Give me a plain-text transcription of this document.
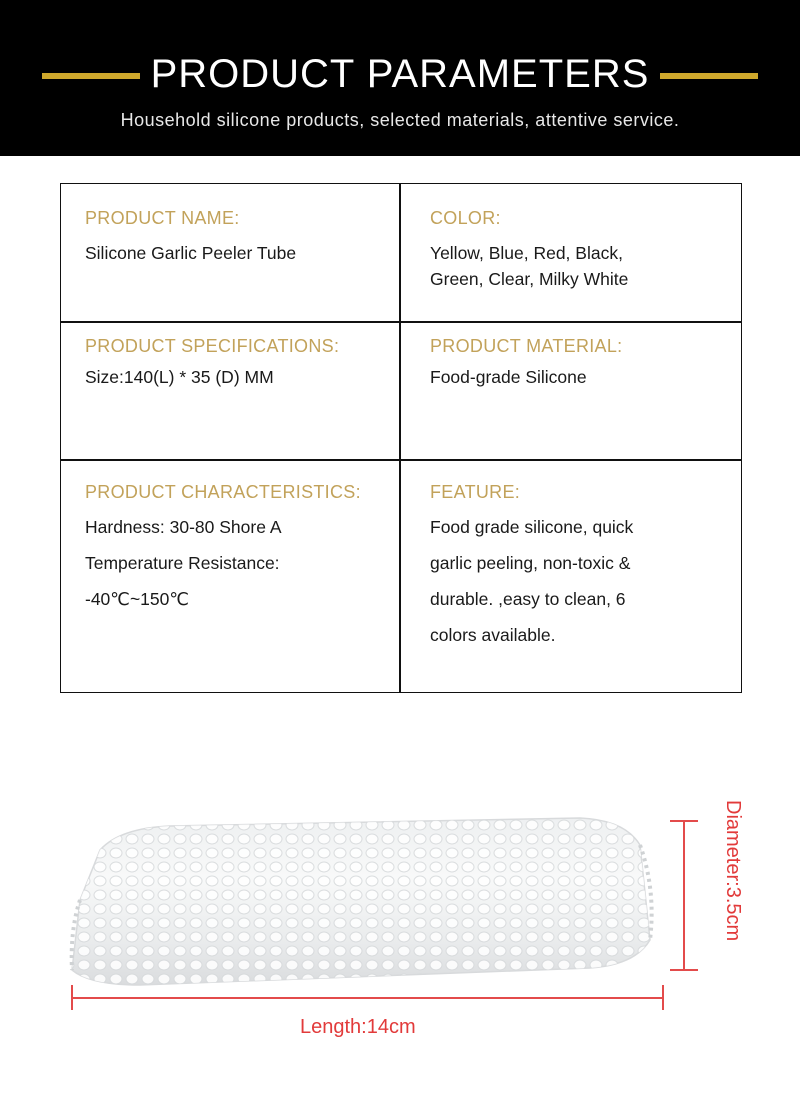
PRODUCT PARAMETERS
Household silicone products, selected materials, attentive service.
PRODUCT NAME:
Silicone Garlic Peeler Tube
COLOR:
Yellow, Blue, Red, Black,
Green, Clear, Milky White
PRODUCT SPECIFICATIONS:
Size:140(L) * 35 (D) MM
PRODUCT MATERIAL:
Food-grade Silicone
PRODUCT CHARACTERISTICS:
Hardness: 30-80 Shore A
Temperature Resistance:
-40℃~150℃
FEATURE:
Food grade silicone, quick
garlic peeling, non-toxic &
durable. ,easy to clean, 6
colors available.
Length:14cm
Diameter:3.5cm
